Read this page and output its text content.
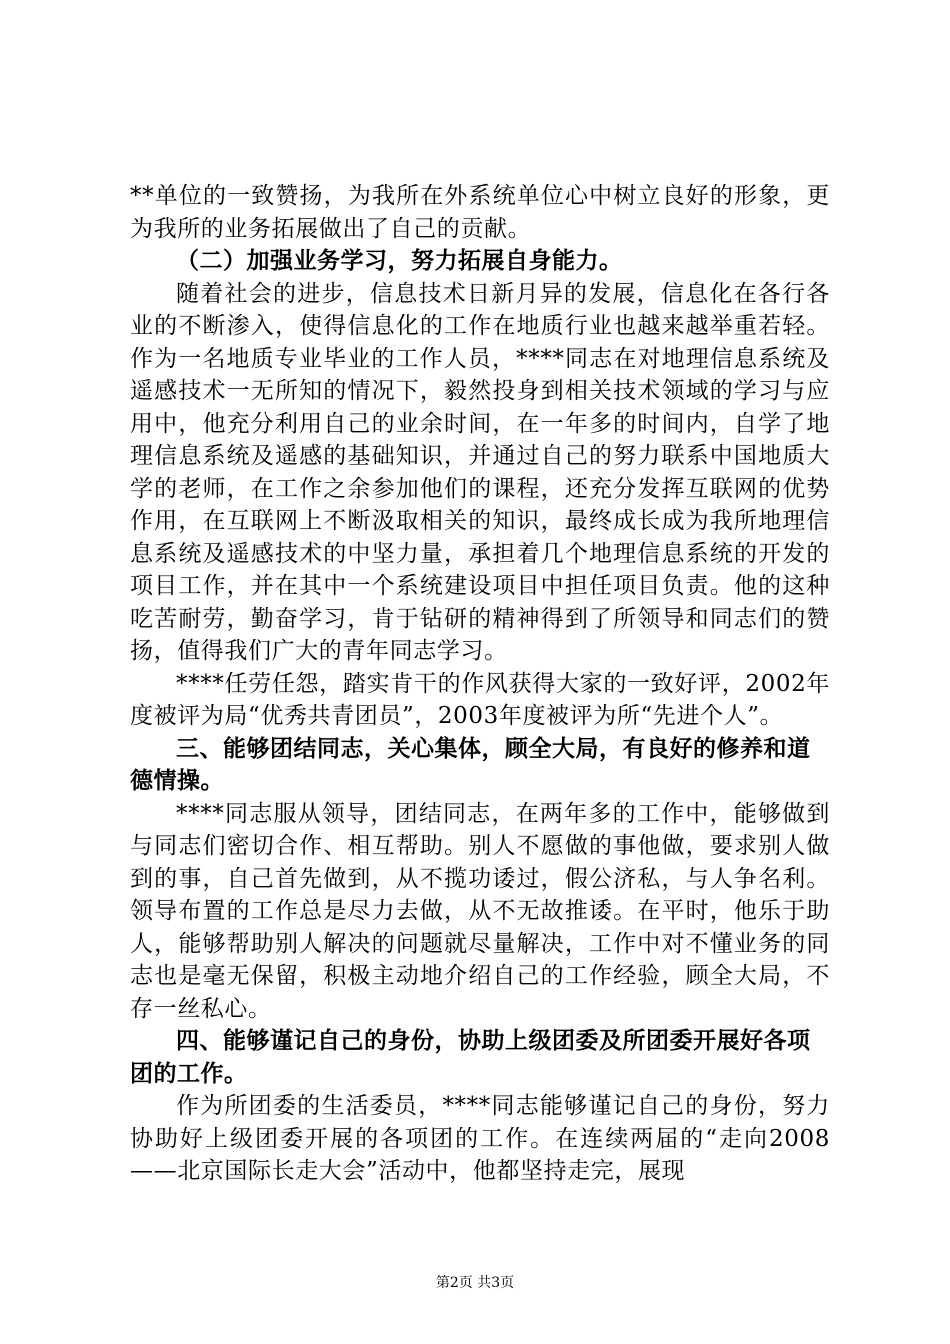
**单位的一致赞扬，为我所在外系统单位心中树立良好的形象，更为我所的业务拓展做出了自己的贡献。

（二）加强业务学习，努力拓展自身能力。

随着社会的进步，信息技术日新月异的发展，信息化在各行各业的不断渗入，使得信息化的工作在地质行业也越来越举重若轻。作为一名地质专业毕业的工作人员，****同志在对地理信息系统及遥感技术一无所知的情况下，毅然投身到相关技术领域的学习与应用中，他充分利用自己的业余时间，在一年多的时间内，自学了地理信息系统及遥感的基础知识，并通过自己的努力联系中国地质大学的老师，在工作之余参加他们的课程，还充分发挥互联网的优势作用，在互联网上不断汲取相关的知识，最终成长成为我所地理信息系统及遥感技术的中坚力量，承担着几个地理信息系统的开发的项目工作，并在其中一个系统建设项目中担任项目负责。他的这种吃苦耐劳，勤奋学习，肯于钻研的精神得到了所领导和同志们的赞扬，值得我们广大的青年同志学习。

****任劳任怨，踏实肯干的作风获得大家的一致好评，2002年度被评为局“优秀共青团员”，2003年度被评为所“先进个人”。

三、能够团结同志，关心集体，顾全大局，有良好的修养和道德情操。

****同志服从领导，团结同志，在两年多的工作中，能够做到与同志们密切合作、相互帮助。别人不愿做的事他做，要求别人做到的事，自己首先做到，从不揽功诿过，假公济私，与人争名利。领导布置的工作总是尽力去做，从不无故推诿。在平时，他乐于助人，能够帮助别人解决的问题就尽量解决，工作中对不懂业务的同志也是毫无保留，积极主动地介绍自己的工作经验，顾全大局，不存一丝私心。

四、能够谨记自己的身份，协助上级团委及所团委开展好各项团的工作。

作为所团委的生活委员，****同志能够谨记自己的身份，努力协助好上级团委开展的各项团的工作。在连续两届的“走向2008——北京国际长走大会”活动中，他都坚持走完，展现

第2页 共3页
